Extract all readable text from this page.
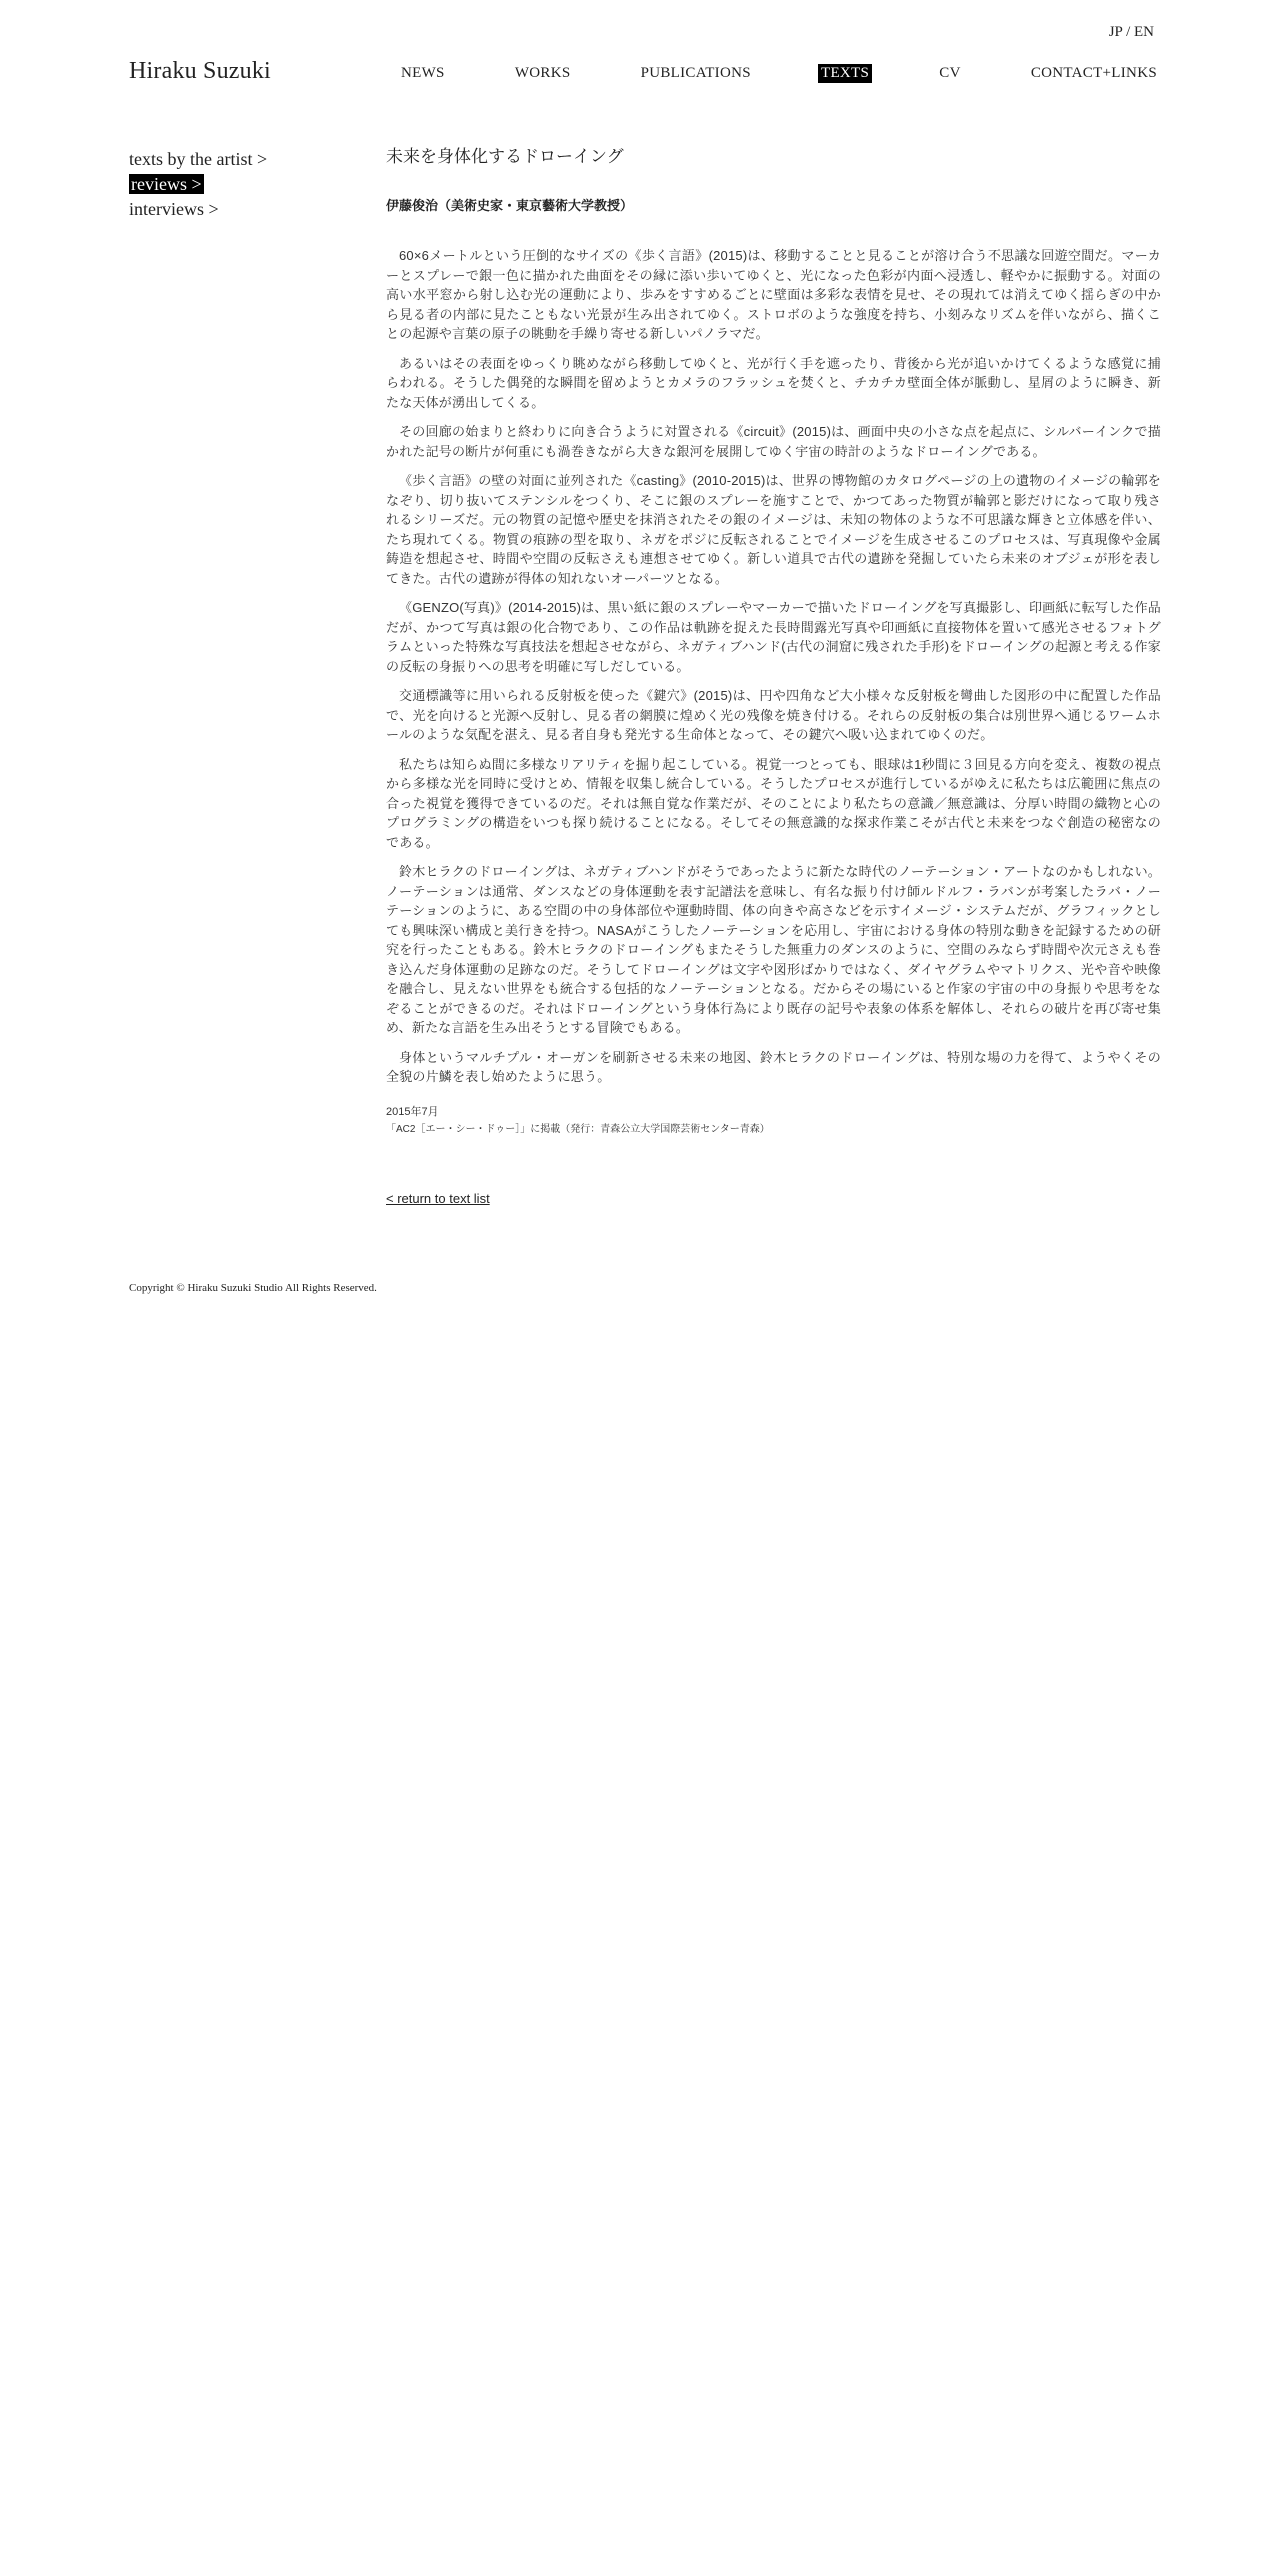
JP / EN
Hiraku Suzuki	NEWS	WORKS	PUBLICATIONS	TEXTS	CV	CONTACT+LINKS
texts by the artist >
reviews >
interviews >
未来を身体化するドローイング
伊藤俊治（美術史家・東京藝術大学教授）

60×6メートルという圧倒的なサイズの《歩く言語》(2015)は、移動することと見ることが溶け合う不思議な回遊空間だ。マーカーとスプレーで銀一色に描かれた曲面をその縁に添い歩いてゆくと、光になった色彩が内面へ浸透し、軽やかに振動する。対面の高い水平窓から射し込む光の運動により、歩みをすすめるごとに壁面は多彩な表情を見せ、その現れては消えてゆく揺らぎの中から見る者の内部に見たこともない光景が生み出されてゆく。ストロボのような強度を持ち、小刻みなリズムを伴いながら、描くことの起源や言葉の原子の眺動を手繰り寄せる新しいパノラマだ。

あるいはその表面をゆっくり眺めながら移動してゆくと、光が行く手を遮ったり、背後から光が追いかけてくるような感覚に捕らわれる。そうした偶発的な瞬間を留めようとカメラのフラッシュを焚くと、チカチカ壁面全体が脈動し、星屑のように瞬き、新たな天体が湧出してくる。

その回廊の始まりと終わりに向き合うように対置される《circuit》(2015)は、画面中央の小さな点を起点に、シルバーインクで描かれた記号の断片が何重にも渦巻きながら大きな銀河を展開してゆく宇宙の時計のようなドローイングである。

《歩く言語》の壁の対面に並列された《casting》(2010-2015)は、世界の博物館のカタログページの上の遺物のイメージの輪郭をなぞり、切り抜いてステンシルをつくり、そこに銀のスプレーを施すことで、かつてあった物質が輪郭と影だけになって取り残されるシリーズだ。元の物質の記憶や歴史を抹消されたその銀のイメージは、未知の物体のような不可思議な輝きと立体感を伴い、たち現れてくる。物質の痕跡の型を取り、ネガをポジに反転されることでイメージを生成させるこのプロセスは、写真現像や金属鋳造を想起させ、時間や空間の反転さえも連想させてゆく。新しい道具で古代の遺跡を発掘していたら未来のオブジェが形を表してきた。古代の遺跡が得体の知れないオーパーツとなる。

《GENZO(写真)》(2014-2015)は、黒い紙に銀のスプレーやマーカーで描いたドローイングを写真撮影し、印画紙に転写した作品だが、かつて写真は銀の化合物であり、この作品は軌跡を捉えた長時間露光写真や印画紙に直接物体を置いて感光させるフォトグラムといった特殊な写真技法を想起させながら、ネガティブハンド(古代の洞窟に残された手形)をドローイングの起源と考える作家の反転の身振りへの思考を明確に写しだしている。

交通標識等に用いられる反射板を使った《鍵穴》(2015)は、円や四角など大小様々な反射板を彎曲した図形の中に配置した作品で、光を向けると光源へ反射し、見る者の網膜に煌めく光の残像を焼き付ける。それらの反射板の集合は別世界へ通じるワームホールのような気配を湛え、見る者自身も発光する生命体となって、その鍵穴へ吸い込まれてゆくのだ。

私たちは知らぬ間に多様なリアリティを掘り起こしている。視覚一つとっても、眼球は1秒間に３回見る方向を変え、複数の視点から多様な光を同時に受けとめ、情報を収集し統合している。そうしたプロセスが進行しているがゆえに私たちは広範囲に焦点の合った視覚を獲得できているのだ。それは無自覚な作業だが、そのことにより私たちの意識／無意識は、分厚い時間の織物と心のプログラミングの構造をいつも探り続けることになる。そしてその無意識的な探求作業こそが古代と未来をつなぐ創造の秘密なのである。

鈴木ヒラクのドローイングは、ネガティブハンドがそうであったように新たな時代のノーテーション・アートなのかもしれない。ノーテーションは通常、ダンスなどの身体運動を表す記譜法を意味し、有名な振り付け師ルドルフ・ラバンが考案したラバ・ノーテーションのように、ある空間の中の身体部位や運動時間、体の向きや高さなどを示すイメージ・システムだが、グラフィックとしても興味深い構成と美行きを持つ。NASAがこうしたノーテーションを応用し、宇宙における身体の特別な動きを記録するための研究を行ったこともある。鈴木ヒラクのドローイングもまたそうした無重力のダンスのように、空間のみならず時間や次元さえも巻き込んだ身体運動の足跡なのだ。そうしてドローイングは文字や図形ばかりではなく、ダイヤグラムやマトリクス、光や音や映像を融合し、見えない世界をも統合する包括的なノーテーションとなる。だからその場にいると作家の宇宙の中の身振りや思考をなぞることができるのだ。それはドローイングという身体行為により既存の記号や表象の体系を解体し、それらの破片を再び寄せ集め、新たな言語を生み出そうとする冒険でもある。

身体というマルチプル・オーガンを刷新させる未来の地図、鈴木ヒラクのドローイングは、特別な場の力を得て、ようやくその全貌の片鱗を表し始めたように思う。

2015年7月
「AC2［エー・シー・ドゥー］」に掲載（発行：青森公立大学国際芸術センター青森）
< return to text list
Copyright © Hiraku Suzuki Studio All Rights Reserved.
